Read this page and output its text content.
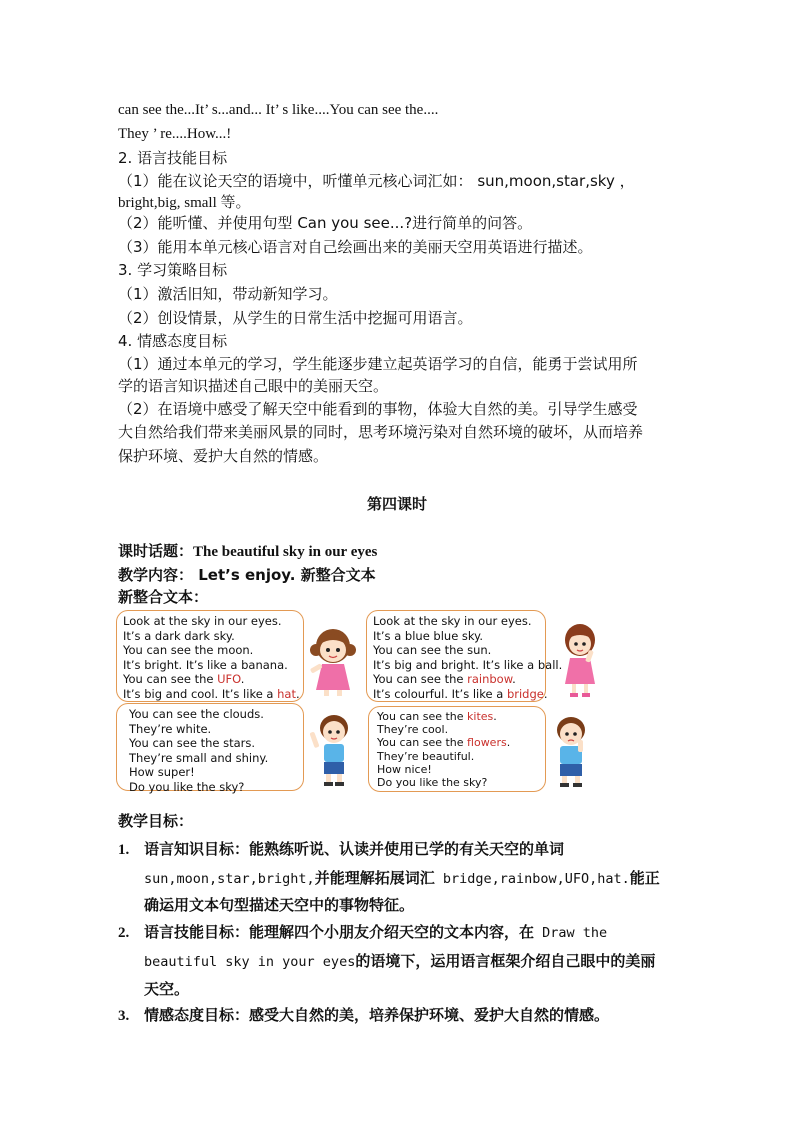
can see the...It’ s...and... It’ s like....You can see the....
They ’ re....How...!
2. 语言技能目标
（1）能在议论天空的语境中，听懂单元核心词汇如： sun,moon,star,sky ，
bright,big, small 等。
（2）能听懂、并使用句型 Can you see...?进行简单的问答。
（3）能用本单元核心语言对自己绘画出来的美丽天空用英语进行描述。
3. 学习策略目标
（1）激活旧知，带动新知学习。
（2）创设情景，从学生的日常生活中挖掘可用语言。
4. 情感态度目标
（1）通过本单元的学习，学生能逐步建立起英语学习的自信，能勇于尝试用所
学的语言知识描述自己眼中的美丽天空。
（2）在语境中感受了解天空中能看到的事物，体验大自然的美。引导学生感受
大自然给我们带来美丽风景的同时，思考环境污染对自然环境的破坏，从而培养
保护环境、爱护大自然的情感。
第四课时
课时话题：The beautiful sky in our eyes
教学内容： Let’s enjoy. 新整合文本
新整合文本：
Look at the sky in our eyes.
It’s a dark dark sky.
You can see the moon.
It’s bright. It’s like a banana.
You can see the UFO.
It’s big and cool. It’s like a hat.
Look at the sky in our eyes.
It’s a blue blue sky.
You can see the sun.
It’s big and bright. It’s like a ball.
You can see the rainbow.
It’s colourful. It’s like a bridge.
You can see the clouds.
They’re white.
You can see the stars.
They’re small and shiny.
How super!
Do you like the sky?
You can see the kites.
They’re cool.
You can see the flowers.
They’re beautiful.
How nice!
Do you like the sky?
教学目标：
1. 语言知识目标：能熟练听说、认读并使用已学的有关天空的单词
sun,moon,star,bright,并能理解拓展词汇 bridge,rainbow,UFO,hat.能正
确运用文本句型描述天空中的事物特征。
2. 语言技能目标：能理解四个小朋友介绍天空的文本内容，在 Draw the
beautiful sky in your eyes的语境下，运用语言框架介绍自己眼中的美丽
天空。
3. 情感态度目标：感受大自然的美，培养保护环境、爱护大自然的情感。
